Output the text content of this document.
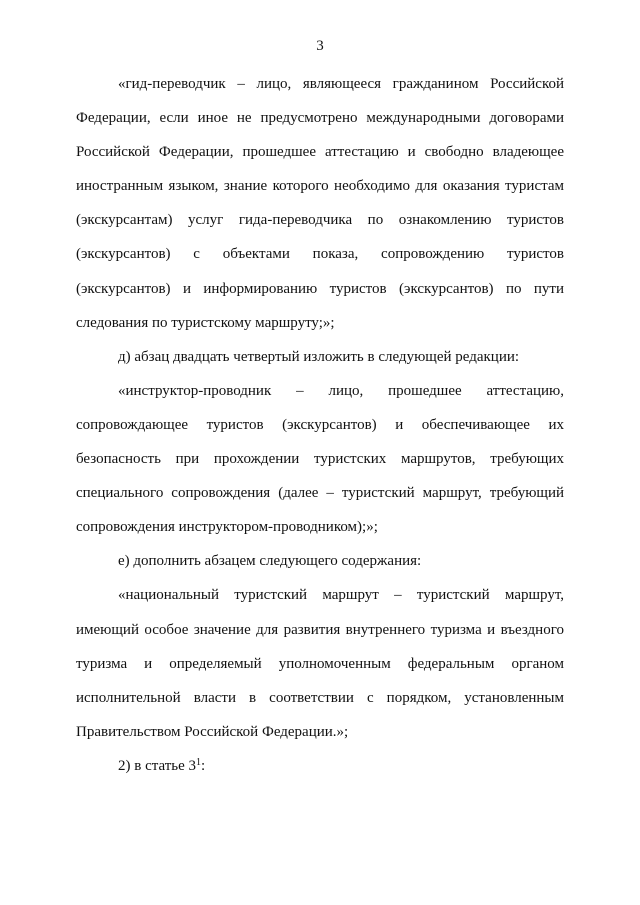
3

«гид-переводчик – лицо, являющееся гражданином Российской Федерации, если иное не предусмотрено международными договорами Российской Федерации, прошедшее аттестацию и свободно владеющее иностранным языком, знание которого необходимо для оказания туристам (экскурсантам) услуг гида-переводчика по ознакомлению туристов (экскурсантов) с объектами показа, сопровождению туристов (экскурсантов) и информированию туристов (экскурсантов) по пути следования по туристскому маршруту;»;

д) абзац двадцать четвертый изложить в следующей редакции:

«инструктор-проводник – лицо, прошедшее аттестацию, сопровождающее туристов (экскурсантов) и обеспечивающее их безопасность при прохождении туристских маршрутов, требующих специального сопровождения (далее – туристский маршрут, требующий сопровождения инструктором-проводником);»;

е) дополнить абзацем следующего содержания:

«национальный туристский маршрут – туристский маршрут, имеющий особое значение для развития внутреннего туризма и въездного туризма и определяемый уполномоченным федеральным органом исполнительной власти в соответствии с порядком, установленным Правительством Российской Федерации.»;

2) в статье $3^1$:
